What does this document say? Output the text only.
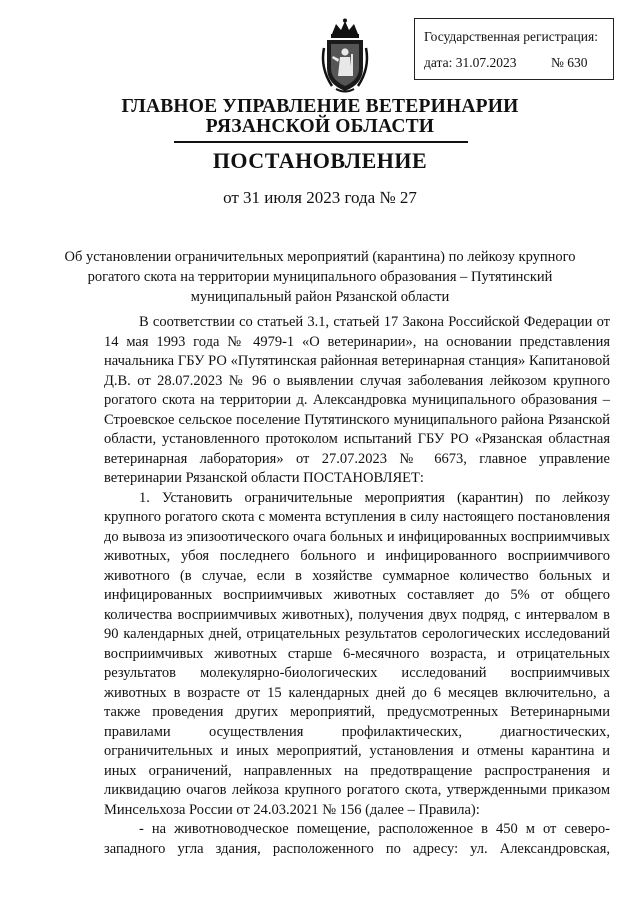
Государственная регистрация:
дата: 31.07.2023	№ 630
ГЛАВНОЕ УПРАВЛЕНИЕ ВЕТЕРИНАРИИ
РЯЗАНСКОЙ ОБЛАСТИ
ПОСТАНОВЛЕНИЕ
от 31 июля 2023 года № 27
Об установлении ограничительных мероприятий (карантина) по лейкозу крупного рогатого скота на территории муниципального образования – Путятинский муниципальный район Рязанской области

В соответствии со статьей 3.1, статьей 17 Закона Российской Федерации от 14 мая 1993 года № 4979-1 «О ветеринарии», на основании представления начальника ГБУ РО «Путятинская районная ветеринарная станция» Капитановой Д.В. от 28.07.2023 № 96 о выявлении случая заболевания лейкозом крупного рогатого скота на территории д. Александровка муниципального образования – Строевское сельское поселение Путятинского муниципального района Рязанской области, установленного протоколом испытаний ГБУ РО «Рязанская областная ветеринарная лаборатория» от 27.07.2023 № 6673, главное управление ветеринарии Рязанской области ПОСТАНОВЛЯЕТ:

1. Установить ограничительные мероприятия (карантин) по лейкозу крупного рогатого скота с момента вступления в силу настоящего постановления до вывоза из эпизоотического очага больных и инфицированных восприимчивых животных, убоя последнего больного и инфицированного восприимчивого животного (в случае, если в хозяйстве суммарное количество больных и инфицированных восприимчивых животных составляет до 5% от общего количества восприимчивых животных), получения двух подряд, с интервалом в 90 календарных дней, отрицательных результатов серологических исследований восприимчивых животных старше 6-месячного возраста, и отрицательных результатов молекулярно-биологических исследований восприимчивых животных в возрасте от 15 календарных дней до 6 месяцев включительно, а также проведения других мероприятий, предусмотренных Ветеринарными правилами осуществления профилактических, диагностических, ограничительных и иных мероприятий, установления и отмены карантина и иных ограничений, направленных на предотвращение распространения и ликвидацию очагов лейкоза крупного рогатого скота, утвержденными приказом Минсельхоза России от 24.03.2021 № 156 (далее – Правила):

- на животноводческое помещение, расположенное в 450 м от северо-западного угла здания, расположенного по адресу: ул. Александровская,
